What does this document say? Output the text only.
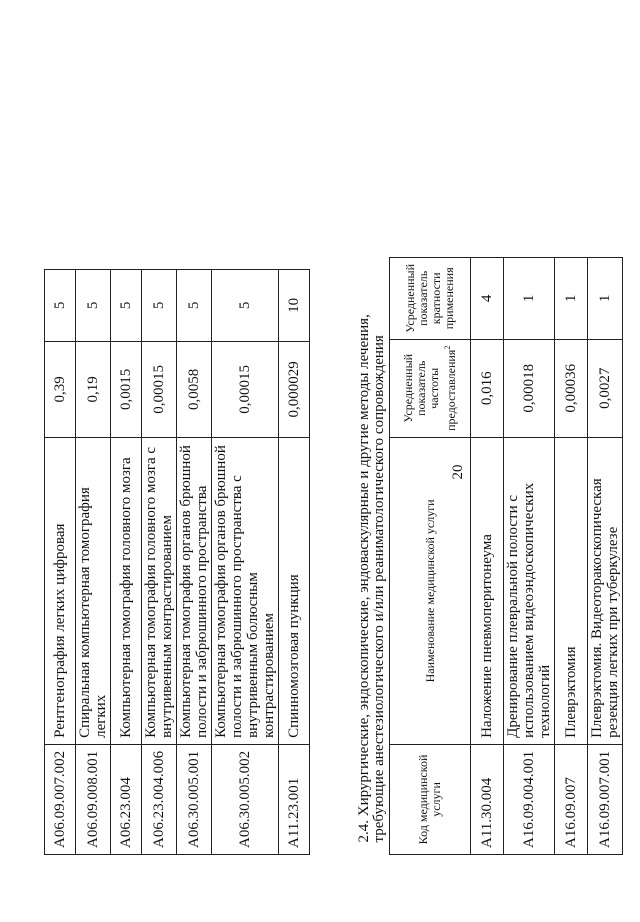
20
А06.09.007.002	Рентгенография легких цифровая	0,39	5
А06.09.008.001	Спиральная компьютерная томография легких	0,19	5
А06.23.004	Компьютерная томография головного мозга	0,0015	5
А06.23.004.006	Компьютерная томография головного мозга с внутривенным контрастированием	0,00015	5
А06.30.005.001	Компьютерная томография органов брюшной полости и забрюшинного пространства	0,0058	5
А06.30.005.002	Компьютерная томография органов брюшной полости и забрюшинного пространства с внутривенным болюсным контрастированием	0,00015	5
А11.23.001	Спинномозговая пункция	0,000029	10
2.4. Хирургические, эндоскопические, эндоваскулярные и другие методы лечения, требующие анестезиологического и/или реаниматологического сопровождения			
Код медицинской услуги	Наименование медицинской услуги	Усредненный показатель частоты предоставления$^2$	Усредненный показатель кратности применения
А11.30.004	Наложение пневмоперитонеума	0,016	4
А16.09.004.001	Дренирование плевральной полости с использованием видеоэндоскопических технологий	0,00018	1
А16.09.007	Плеврэктомия	0,00036	1
А16.09.007.001	Плеврэктомия. Видеоторакоскопическая резекция легких при туберкулезе	0,0027	1
